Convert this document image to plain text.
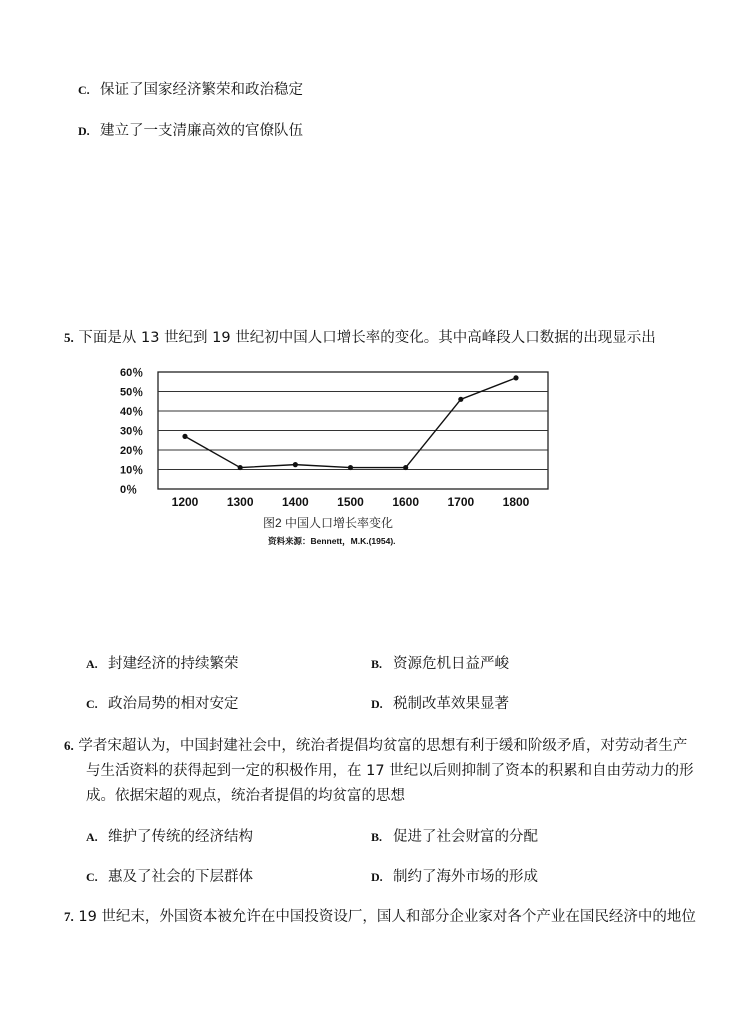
C. 保证了国家经济繁荣和政治稳定
D. 建立了一支清廉高效的官僚队伍
5. 下面是从 13 世纪到 19 世纪初中国人口增长率的变化。其中高峰段人口数据的出现显示出
60％
50％
40％
30％
20％
10％
0％
1200 1300 1400 1500 1600 1700 1800
图2 中国人口增长率变化
资料来源：Bennett，M.K.(1954).
A. 封建经济的持续繁荣	B. 资源危机日益严峻
C. 政治局势的相对安定	D. 税制改革效果显著
6. 学者宋超认为，中国封建社会中，统治者提倡均贫富的思想有利于缓和阶级矛盾，对劳动者生产
与生活资料的获得起到一定的积极作用，在 17 世纪以后则抑制了资本的积累和自由劳动力的形
成。依据宋超的观点，统治者提倡的均贫富的思想
A. 维护了传统的经济结构	B. 促进了社会财富的分配
C. 惠及了社会的下层群体	D. 制约了海外市场的形成
7. 19 世纪末，外国资本被允许在中国投资设厂，国人和部分企业家对各个产业在国民经济中的地位
